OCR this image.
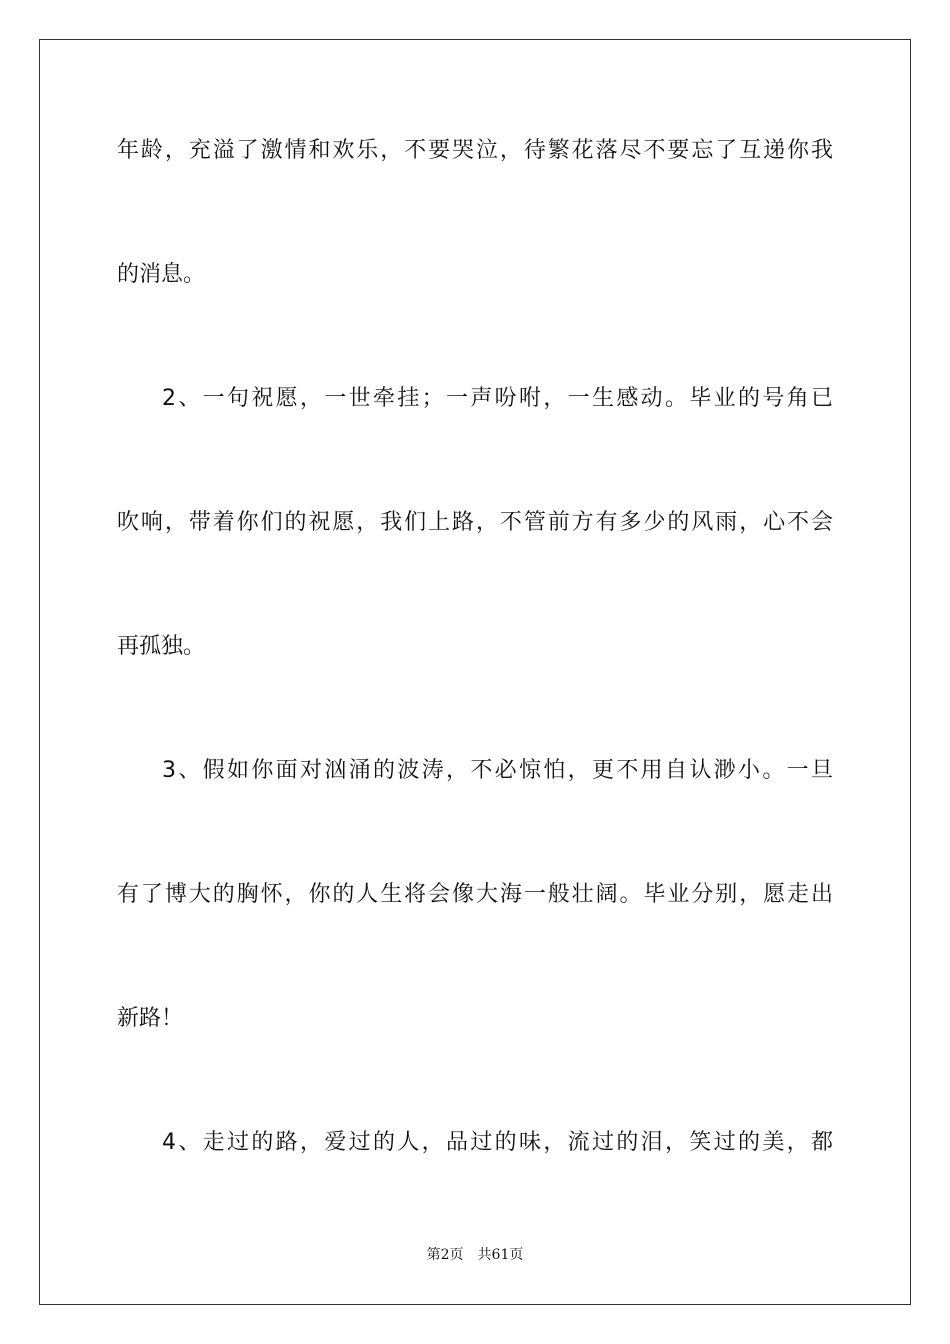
年龄，充溢了激情和欢乐，不要哭泣，待繁花落尽不要忘了互递你我
的消息。
2、一句祝愿，一世牵挂；一声吩咐，一生感动。毕业的号角已
吹响，带着你们的祝愿，我们上路，不管前方有多少的风雨，心不会
再孤独。
3、假如你面对汹涌的波涛，不必惊怕，更不用自认渺小。一旦
有了博大的胸怀，你的人生将会像大海一般壮阔。毕业分别，愿走出
新路！
4、走过的路，爱过的人，品过的味，流过的泪，笑过的美，都
第2页 共61页
